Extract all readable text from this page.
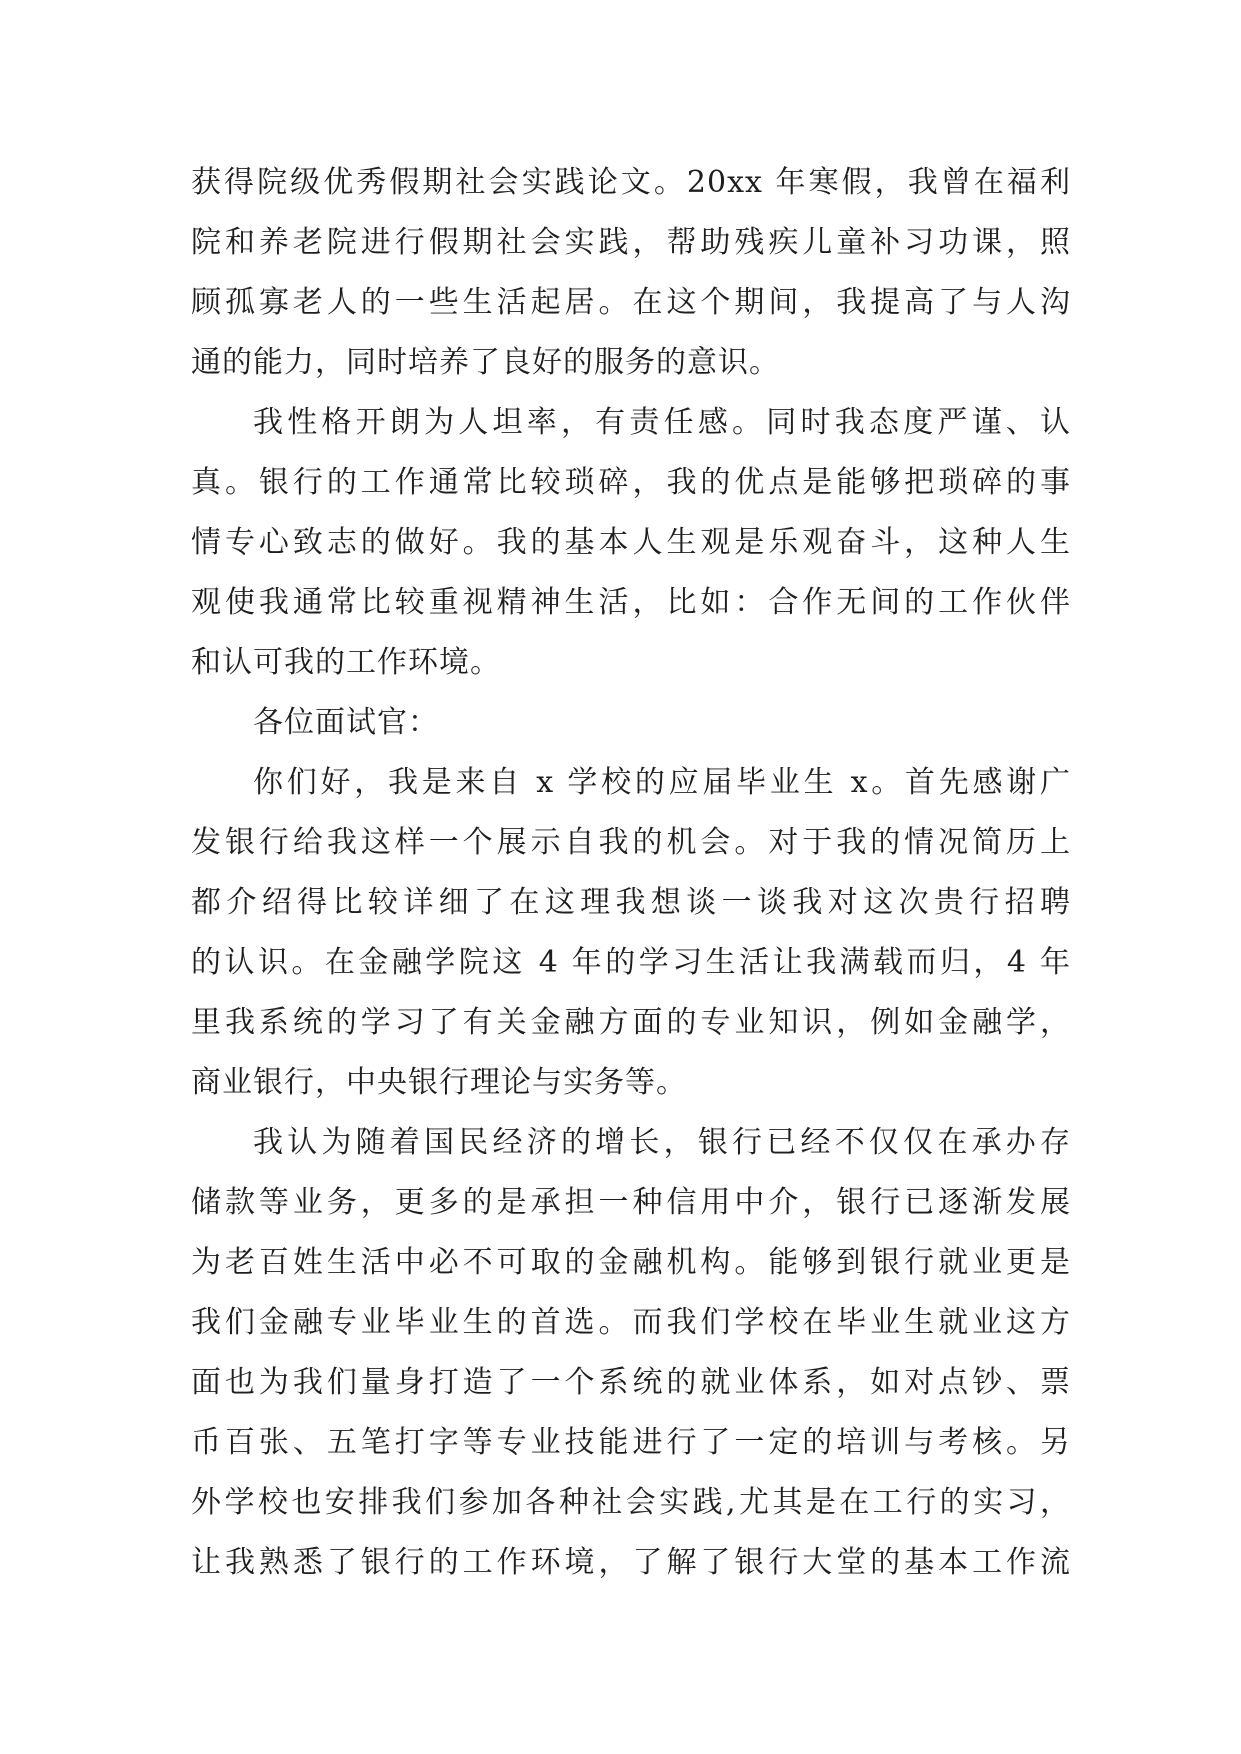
获得院级优秀假期社会实践论文。20xx 年寒假，我曾在福利
院和养老院进行假期社会实践，帮助残疾儿童补习功课，照
顾孤寡老人的一些生活起居。在这个期间，我提高了与人沟
通的能力，同时培养了良好的服务的意识。
我性格开朗为人坦率，有责任感。同时我态度严谨、认
真。银行的工作通常比较琐碎，我的优点是能够把琐碎的事
情专心致志的做好。我的基本人生观是乐观奋斗，这种人生
观使我通常比较重视精神生活，比如：合作无间的工作伙伴
和认可我的工作环境。
各位面试官：
你们好，我是来自 x 学校的应届毕业生 x。首先感谢广
发银行给我这样一个展示自我的机会。对于我的情况简历上
都介绍得比较详细了在这理我想谈一谈我对这次贵行招聘
的认识。在金融学院这 4 年的学习生活让我满载而归，4 年
里我系统的学习了有关金融方面的专业知识，例如金融学，
商业银行，中央银行理论与实务等。
我认为随着国民经济的增长，银行已经不仅仅在承办存
储款等业务，更多的是承担一种信用中介，银行已逐渐发展
为老百姓生活中必不可取的金融机构。能够到银行就业更是
我们金融专业毕业生的首选。而我们学校在毕业生就业这方
面也为我们量身打造了一个系统的就业体系，如对点钞、票
币百张、五笔打字等专业技能进行了一定的培训与考核。另
外学校也安排我们参加各种社会实践,尤其是在工行的实习，
让我熟悉了银行的工作环境，了解了银行大堂的基本工作流
